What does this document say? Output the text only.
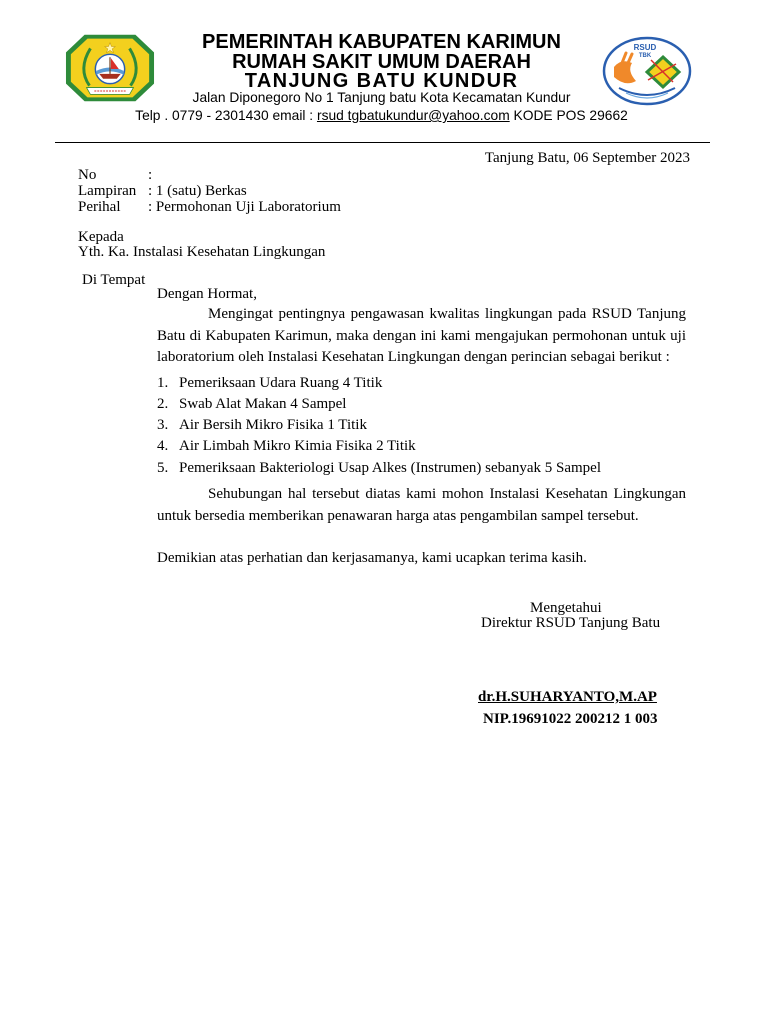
PEMERINTAH KABUPATEN KARIMUN
RUMAH SAKIT UMUM DAERAH
TANJUNG BATU KUNDUR
Jalan Diponegoro No 1 Tanjung batu Kota Kecamatan Kundur
Telp . 0779 - 2301430 email : rsud tgbatukundur@yahoo.com KODE POS 29662
RSUD
TBK
Tanjung Batu, 06 September 2023
No	:
Lampiran : 1 (satu) Berkas
Perihal : Permohonan Uji Laboratorium
Kepada
Yth. Ka. Instalasi Kesehatan Lingkungan
Di Tempat
Dengan Hormat,
Mengingat pentingnya pengawasan kwalitas lingkungan pada RSUD Tanjung
Batu di Kabupaten Karimun, maka dengan ini kami mengajukan permohonan untuk uji
laboratorium oleh Instalasi Kesehatan Lingkungan dengan perincian sebagai berikut :
1. Pemeriksaan Udara Ruang 4 Titik
2. Swab Alat Makan 4 Sampel
3. Air Bersih Mikro Fisika 1 Titik
4. Air Limbah Mikro Kimia Fisika 2 Titik
5. Pemeriksaan Bakteriologi Usap Alkes (Instrumen) sebanyak 5 Sampel
Sehubungan hal tersebut diatas kami mohon Instalasi Kesehatan Lingkungan
untuk bersedia memberikan penawaran harga atas pengambilan sampel tersebut.
Demikian atas perhatian dan kerjasamanya, kami ucapkan terima kasih.
Mengetahui
Direktur RSUD Tanjung Batu
dr.H.SUHARYANTO,M.AP
NIP.19691022 200212 1 003
